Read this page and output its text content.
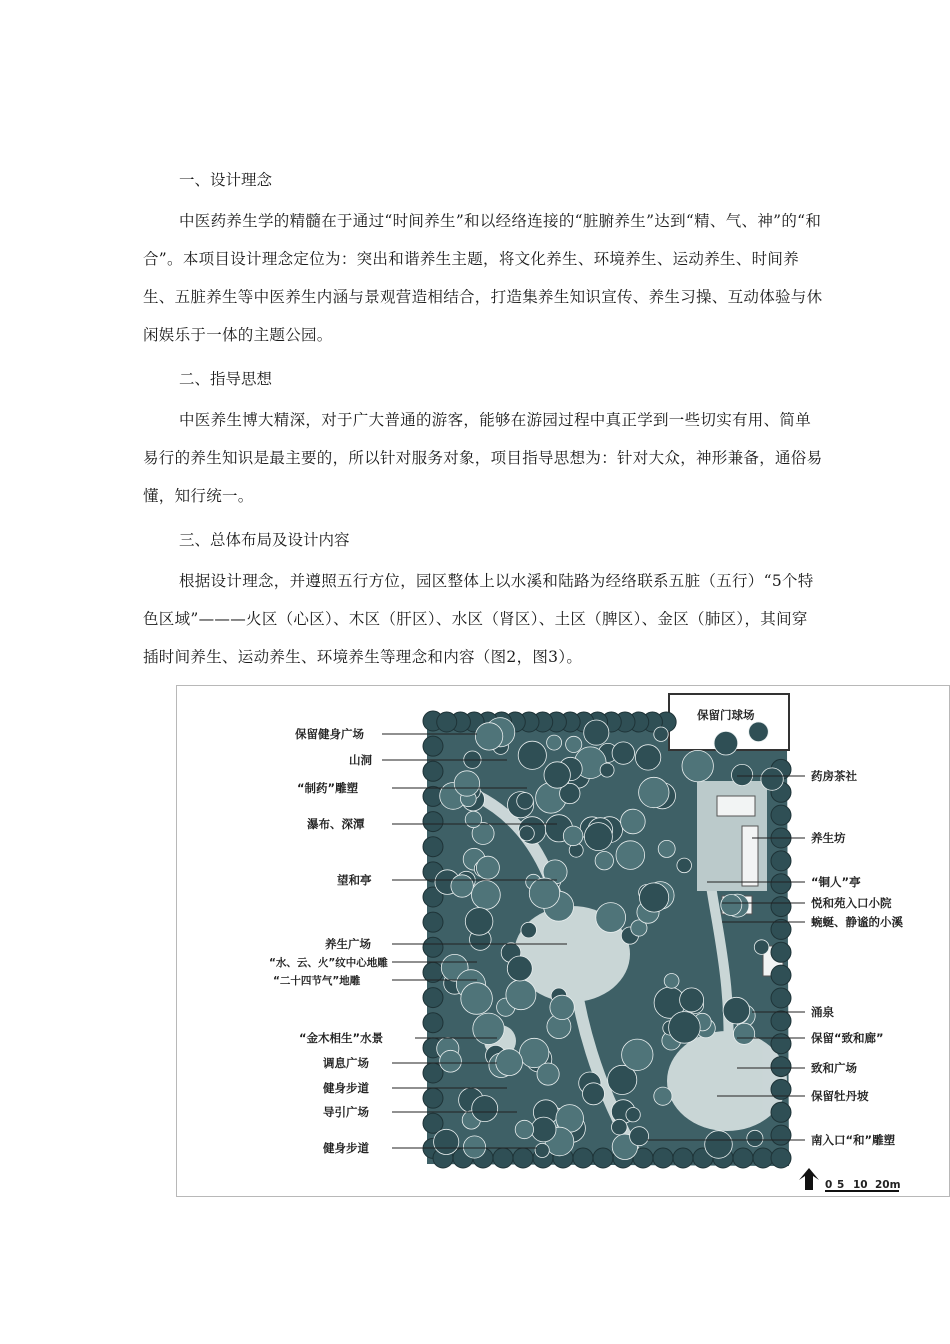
一、设计理念

中医药养生学的精髓在于通过“时间养生”和以经络连接的“脏腑养生”达到“精、气、神”的“和合”。本项目设计理念定位为：突出和谐养生主题，将文化养生、环境养生、运动养生、时间养生、五脏养生等中医养生内涵与景观营造相结合，打造集养生知识宣传、养生习操、互动体验与休闲娱乐于一体的主题公园。

二、指导思想

中医养生博大精深，对于广大普通的游客，能够在游园过程中真正学到一些切实有用、简单易行的养生知识是最主要的，所以针对服务对象，项目指导思想为：针对大众，神形兼备，通俗易懂，知行统一。

三、总体布局及设计内容

根据设计理念，并遵照五行方位，园区整体上以水溪和陆路为经络联系五脏（五行）“5个特色区域”———火区（心区）、木区（肝区）、水区（肾区）、土区（脾区）、金区（肺区），其间穿插时间养生、运动养生、环境养生等理念和内容（图2，图3）。

保留门球场
保留健身广场
山洞
“制药”雕塑
瀑布、深潭
望和亭
养生广场
“水、云、火”纹中心地雕
“二十四节气”地雕
“金木相生”水景
调息广场
健身步道
导引广场
健身步道
药房茶社
养生坊
“铜人”亭
悦和苑入口小院
蜿蜒、静谧的小溪
涌泉
保留“致和廊”
致和广场
保留牡丹坡
南入口“和”雕塑
0 5 10 20m
